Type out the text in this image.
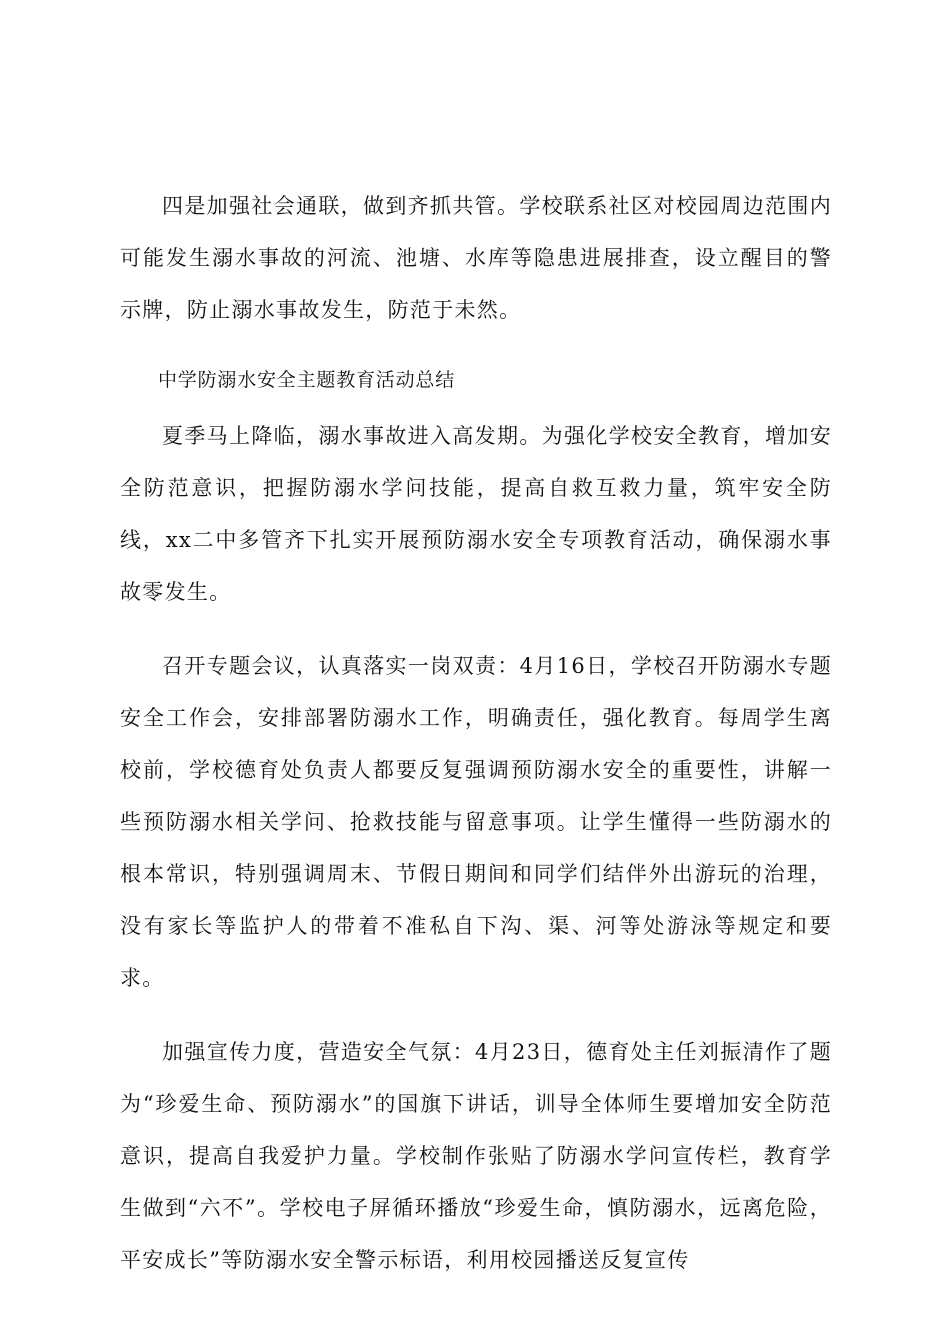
四是加强社会通联，做到齐抓共管。学校联系社区对校园周边范围内可能发生溺水事故的河流、池塘、水库等隐患进展排查，设立醒目的警示牌，防止溺水事故发生，防范于未然。

中学防溺水安全主题教育活动总结

夏季马上降临，溺水事故进入高发期。为强化学校安全教育，增加安全防范意识，把握防溺水学问技能，提高自救互救力量，筑牢安全防线，xx二中多管齐下扎实开展预防溺水安全专项教育活动，确保溺水事故零发生。

召开专题会议，认真落实一岗双责：4月16日，学校召开防溺水专题安全工作会，安排部署防溺水工作，明确责任，强化教育。每周学生离校前，学校德育处负责人都要反复强调预防溺水安全的重要性，讲解一些预防溺水相关学问、抢救技能与留意事项。让学生懂得一些防溺水的根本常识，特别强调周末、节假日期间和同学们结伴外出游玩的治理，没有家长等监护人的带着不准私自下沟、渠、河等处游泳等规定和要求。

加强宣传力度，营造安全气氛：4月23日，德育处主任刘振清作了题为“珍爱生命、预防溺水”的国旗下讲话，训导全体师生要增加安全防范意识，提高自我爱护力量。学校制作张贴了防溺水学问宣传栏，教育学生做到“六不”。学校电子屏循环播放“珍爱生命，慎防溺水，远离危险，平安成长”等防溺水安全警示标语，利用校园播送反复宣传
